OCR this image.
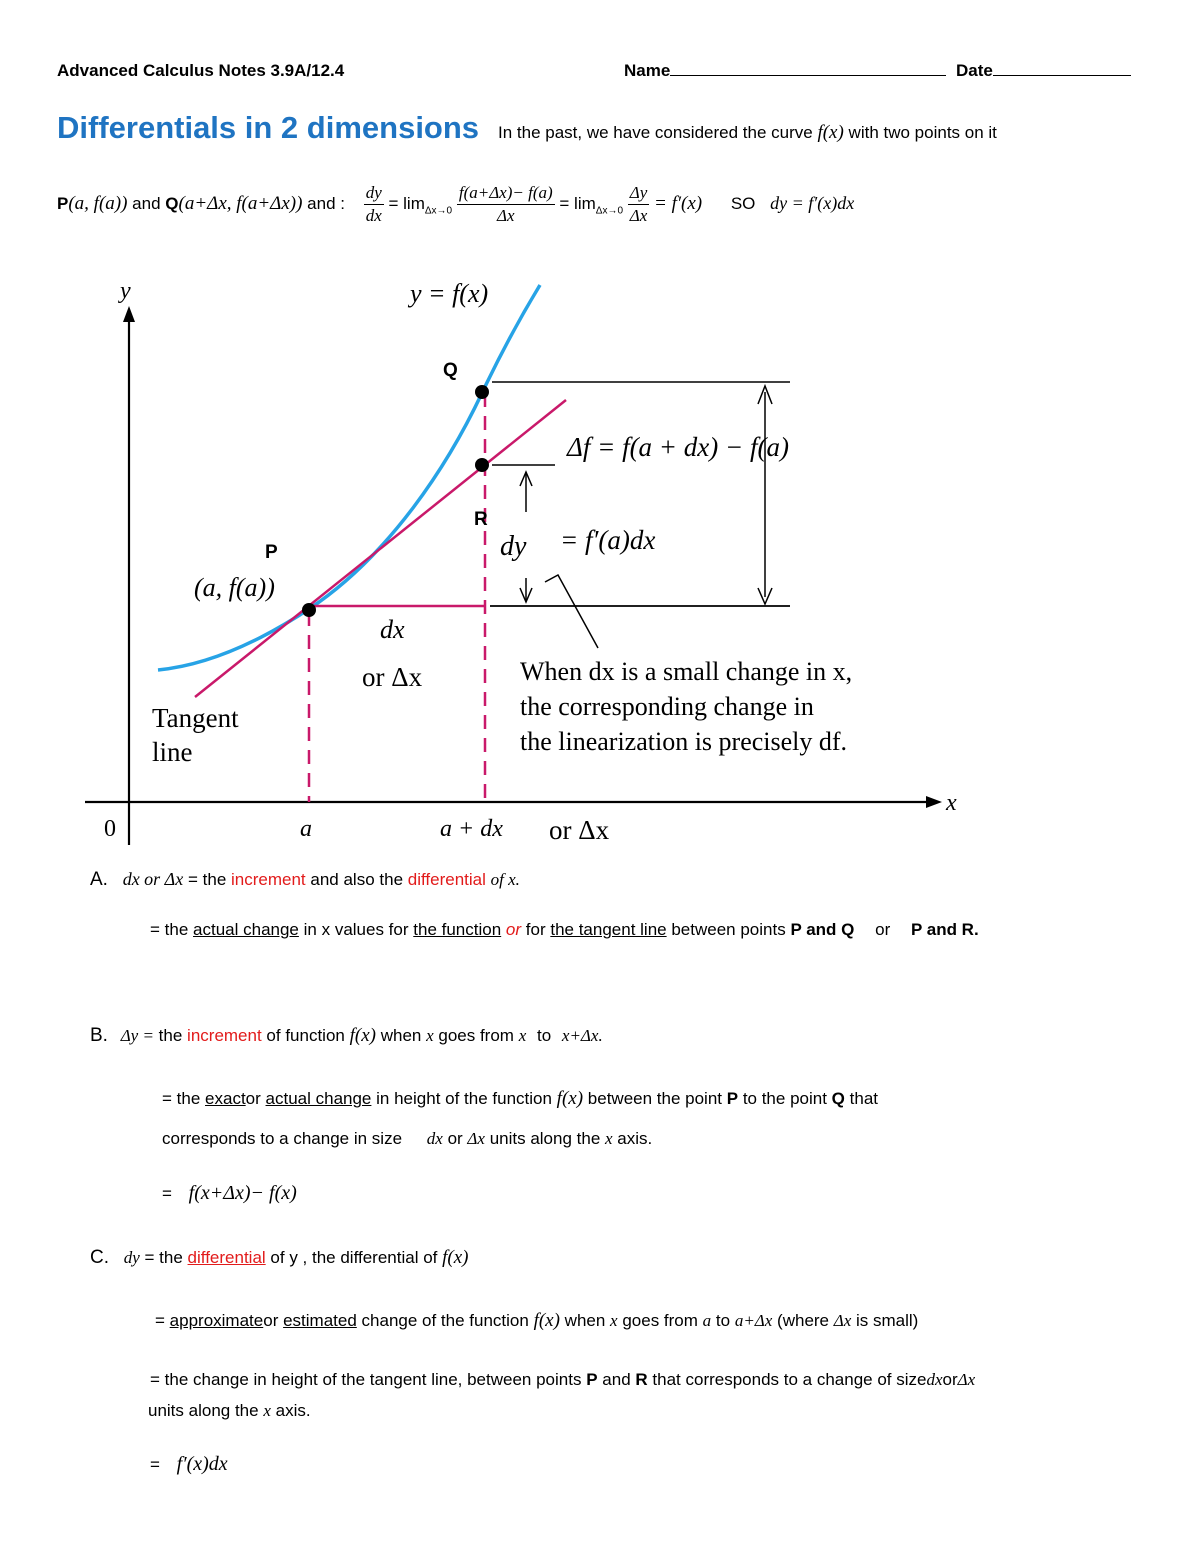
Advanced Calculus Notes 3.9A/12.4	Name	Date
Differentials in 2 dimensions In the past, we have considered the curve f(x) with two points on it
P(a, f(a)) and Q(a+Δx, f(a+Δx)) and : $\frac{dy}{dx} = \lim_{\Delta x\to 0} \frac{f(a+\Delta x)- f(a)}{\Delta x} = \lim_{\Delta x\to 0} \frac{\Delta y}{\Delta x} = f'(x)$ SO dy = f′(x)dx
y
x
0
y = f(x)
Q
R
P
(a, f(a))
Δf = f(a + dx) − f(a)
dy = f′(a)dx
dx
or Δx
Tangent
line
When dx is a small change in x,
the corresponding change in
the linearization is precisely df.
a	a + dx or Δx
A. dx or Δx = the increment and also the differential of x.
= the actual change in x values for the function or for the tangent line between points P and Q or P and R.
B. Δy = the increment of function f(x) when x goes from x to x+Δx.
= the exactor actual change in height of the function f(x) between the point P to the point Q that
corresponds to a change in size dx or Δx units along the x axis.
= f(x+Δx)− f(x)
C. dy = the differential of y , the differential of f(x)
= approximateor estimated change of the function f(x) when x goes from a to a+Δx (where Δx is small)
= the change in height of the tangent line, between points P and R that corresponds to a change of sizedxorΔx
units along the x axis.
= f′(x)dx
